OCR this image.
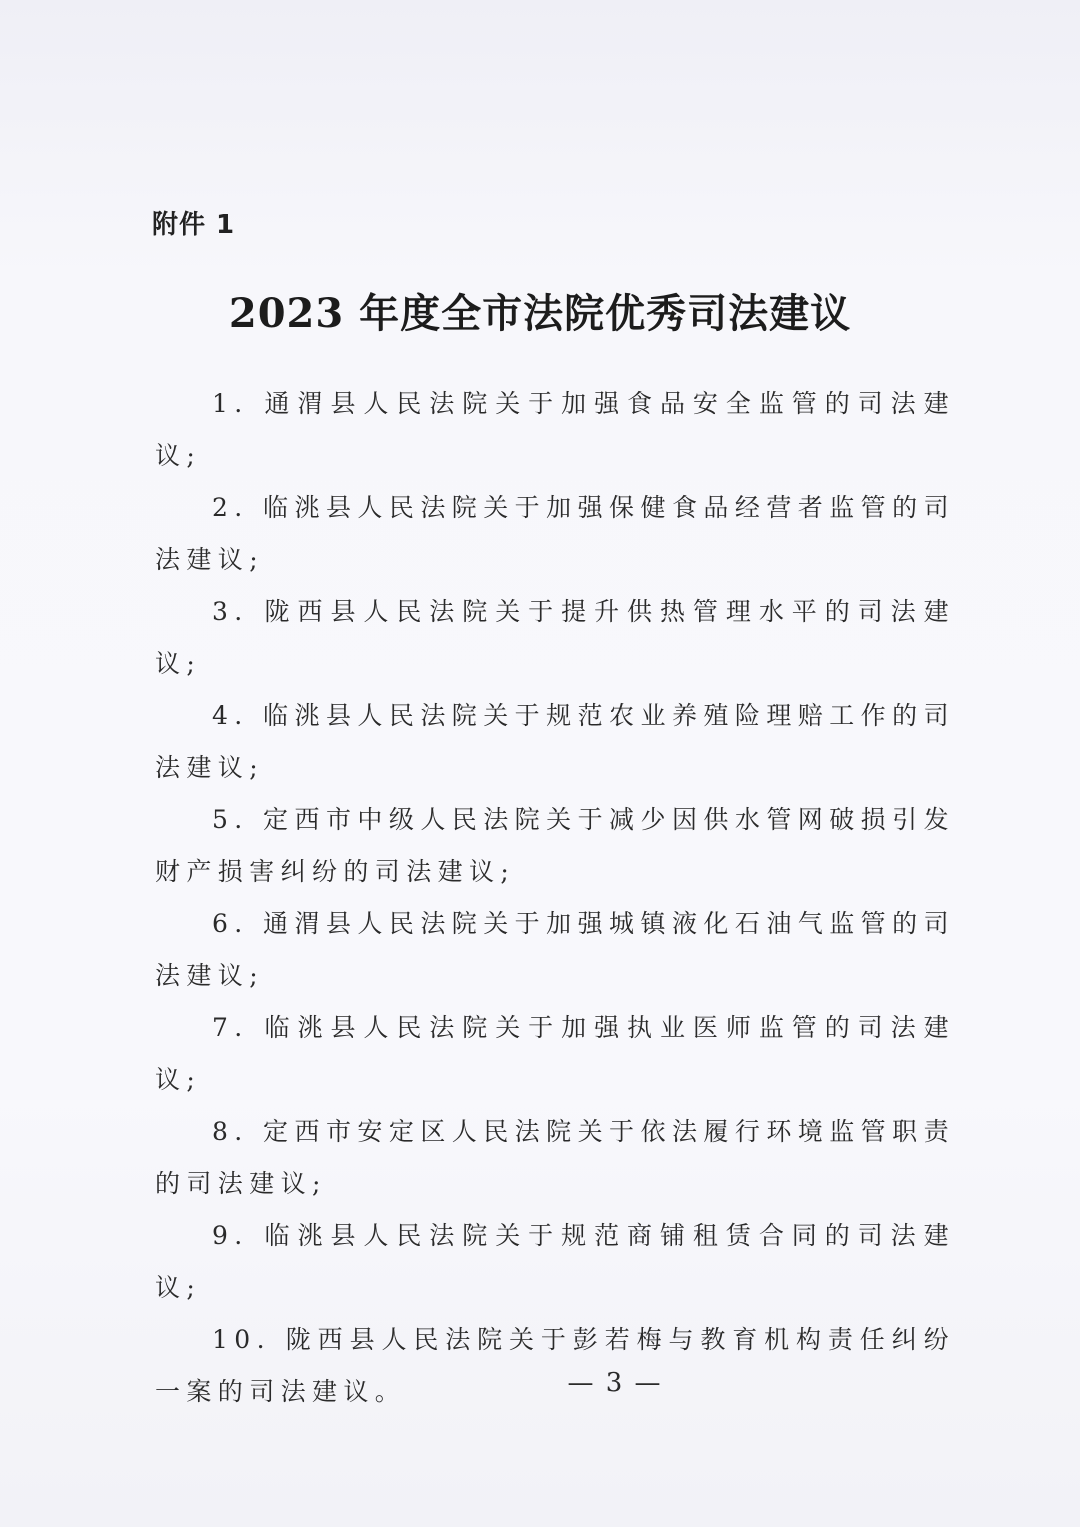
附件 1
2023 年度全市法院优秀司法建议
1. 通渭县人民法院关于加强食品安全监管的司法建议;
2. 临洮县人民法院关于加强保健食品经营者监管的司法建议;
3. 陇西县人民法院关于提升供热管理水平的司法建议;
4. 临洮县人民法院关于规范农业养殖险理赔工作的司法建议;
5. 定西市中级人民法院关于减少因供水管网破损引发财产损害纠纷的司法建议;
6. 通渭县人民法院关于加强城镇液化石油气监管的司法建议;
7. 临洮县人民法院关于加强执业医师监管的司法建议;
8. 定西市安定区人民法院关于依法履行环境监管职责的司法建议;
9. 临洮县人民法院关于规范商铺租赁合同的司法建议;
10. 陇西县人民法院关于彭若梅与教育机构责任纠纷一案的司法建议。	— 3 —
